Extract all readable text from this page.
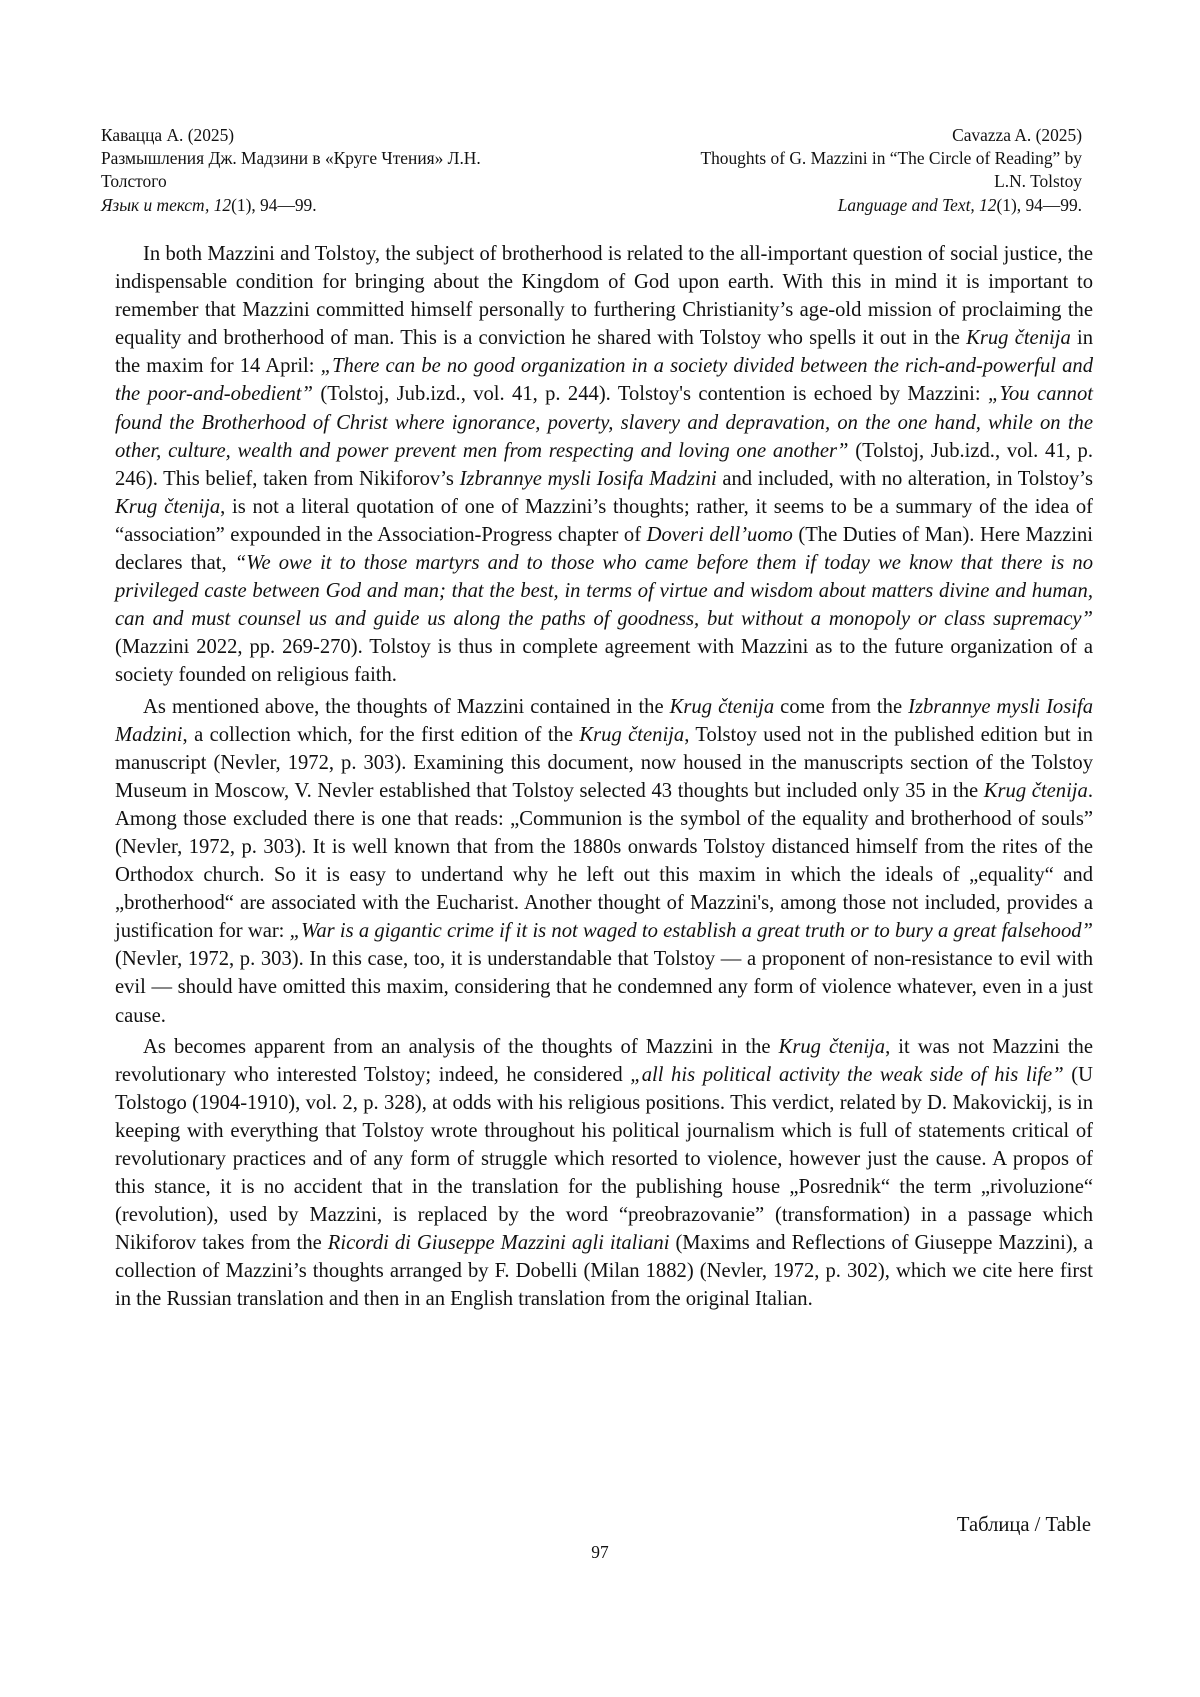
Кавацца А. (2025)
Размышления Дж. Мадзини в «Круге Чтения» Л.Н.
Толстого
Язык и текст, 12(1), 94—99.
Cavazza A. (2025)
Thoughts of G. Mazzini in “The Circle of Reading” by
L.N. Tolstoy
Language and Text, 12(1), 94—99.

In both Mazzini and Tolstoy, the subject of brotherhood is related to the all-important question of social justice, the indispensable condition for bringing about the Kingdom of God upon earth. With this in mind it is important to remember that Mazzini committed himself personally to furthering Christianity’s age-old mission of proclaiming the equality and brotherhood of man. This is a conviction he shared with Tolstoy who spells it out in the Krug čtenija in the maxim for 14 April: „There can be no good organization in a society divided between the rich-and-powerful and the poor-and-obedient” (Tolstoj, Jub.izd., vol. 41, p. 244). Tolstoy's contention is echoed by Mazzini: „You cannot found the Brotherhood of Christ where ignorance, poverty, slavery and depravation, on the one hand, while on the other, culture, wealth and power prevent men from respecting and loving one another” (Tolstoj, Jub.izd., vol. 41, p. 246). This belief, taken from Nikiforov’s Izbrannye mysli Iosifa Madzini and included, with no alteration, in Tolstoy’s Krug čtenija, is not a literal quotation of one of Mazzini’s thoughts; rather, it seems to be a summary of the idea of “association” expounded in the Association-Progress chapter of Doveri dell’uomo (The Duties of Man). Here Mazzini declares that, “We owe it to those martyrs and to those who came before them if today we know that there is no privileged caste between God and man; that the best, in terms of virtue and wisdom about matters divine and human, can and must counsel us and guide us along the paths of goodness, but without a monopoly or class supremacy” (Mazzini 2022, pp. 269-270). Tolstoy is thus in complete agreement with Mazzini as to the future organization of a society founded on religious faith.

As mentioned above, the thoughts of Mazzini contained in the Krug čtenija come from the Izbrannye mysli Iosifa Madzini, a collection which, for the first edition of the Krug čtenija, Tolstoy used not in the published edition but in manuscript (Nevler, 1972, p. 303). Examining this document, now housed in the manuscripts section of the Tolstoy Museum in Moscow, V. Nevler established that Tolstoy selected 43 thoughts but included only 35 in the Krug čtenija. Among those excluded there is one that reads: „Communion is the symbol of the equality and brotherhood of souls” (Nevler, 1972, p. 303). It is well known that from the 1880s onwards Tolstoy distanced himself from the rites of the Orthodox church. So it is easy to undertand why he left out this maxim in which the ideals of „equality“ and „brotherhood“ are associated with the Eucharist. Another thought of Mazzini's, among those not included, provides a justification for war: „War is a gigantic crime if it is not waged to establish a great truth or to bury a great falsehood” (Nevler, 1972, p. 303). In this case, too, it is understandable that Tolstoy — a proponent of non-resistance to evil with evil — should have omitted this maxim, considering that he condemned any form of violence whatever, even in a just cause.

As becomes apparent from an analysis of the thoughts of Mazzini in the Krug čtenija, it was not Mazzini the revolutionary who interested Tolstoy; indeed, he considered „all his political activity the weak side of his life” (U Tolstogo (1904-1910), vol. 2, p. 328), at odds with his religious positions. This verdict, related by D. Makovickij, is in keeping with everything that Tolstoy wrote throughout his political journalism which is full of statements critical of revolutionary practices and of any form of struggle which resorted to violence, however just the cause. A propos of this stance, it is no accident that in the translation for the publishing house „Posrednik“ the term „rivoluzione“ (revolution), used by Mazzini, is replaced by the word “preobrazovanie” (transformation) in a passage which Nikiforov takes from the Ricordi di Giuseppe Mazzini agli italiani (Maxims and Reflections of Giuseppe Mazzini), a collection of Mazzini’s thoughts arranged by F. Dobelli (Milan 1882) (Nevler, 1972, p. 302), which we cite here first in the Russian translation and then in an English translation from the original Italian.

Таблица / Table
97
